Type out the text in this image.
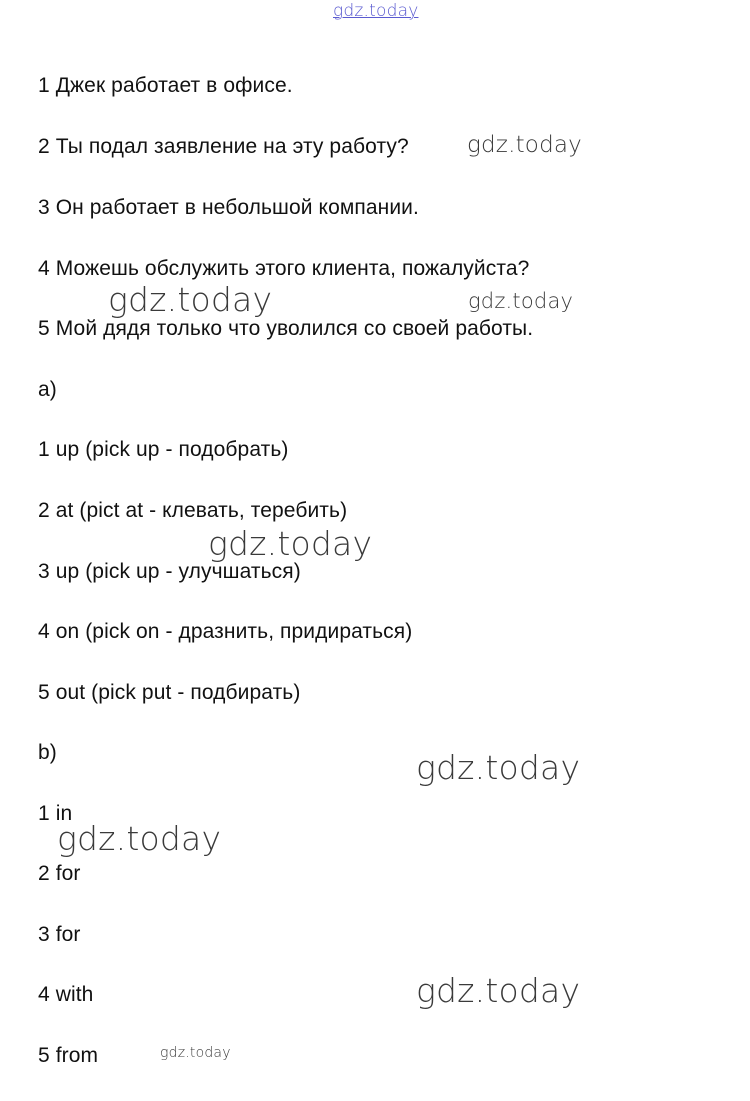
gdz.today
1 Джек работает в офисе.
2 Ты подал заявление на эту работу?
3 Он работает в небольшой компании.
4 Можешь обслужить этого клиента, пожалуйста?
5 Мой дядя только что уволился со своей работы.
a)
1 up (pick up - подобрать)
2 at (pict at - клевать, теребить)
3 up (pick up - улучшаться)
4 on (pick on - дразнить, придираться)
5 out (pick put - подбирать)
b)
1 in
2 for
3 for
4 with
5 from
gdz.today
gdz.today	gdz.today
gdz.today
gdz.today
gdz.today
gdz.today
gdz.today
